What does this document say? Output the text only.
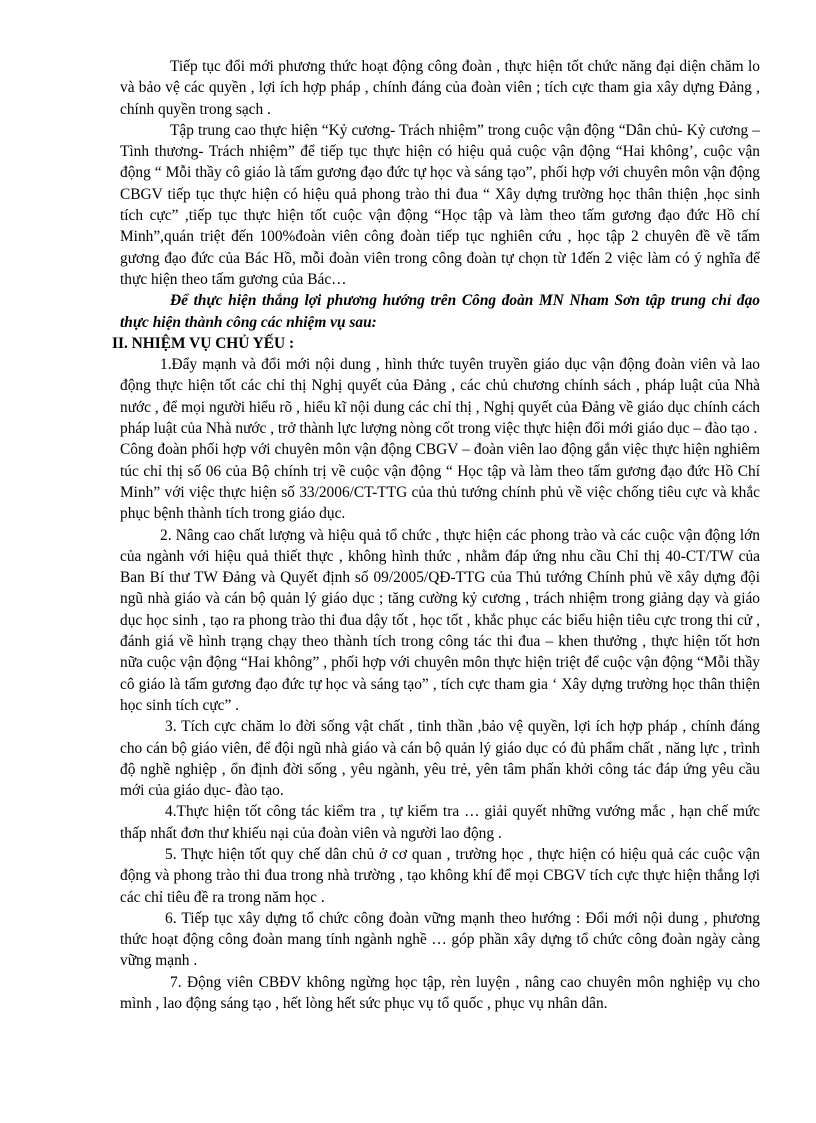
Tiếp tục đổi mới phương thức hoạt động công đoàn , thực hiện tốt chức năng đại diện chăm lo và bảo vệ các quyền , lợi ích hợp pháp , chính đáng của đoàn viên ; tích cực tham gia xây dựng Đảng , chính quyền trong sạch .

Tập trung cao thực hiện “Kỷ cương- Trách nhiệm” trong cuộc vận động “Dân chủ- Kỷ cương –Tình thương- Trách nhiệm” để tiếp tục thực hiện có hiệu quả cuộc vận động “Hai không’, cuộc vận động “ Mỗi thầy cô giáo là tấm gương đạo đức tự học và sáng tạo”, phối hợp với chuyên môn vận động CBGV tiếp tục thực hiện có hiệu quả phong trào thi đua “ Xây dựng trường học thân thiện ,học sinh tích cực” ,tiếp tục thực hiện tốt cuộc vận động “Học tập và làm theo tấm gương đạo đức Hồ chí Minh”,quán triệt đến 100%đoàn viên công đoàn tiếp tục nghiên cứu , học tập 2 chuyên đề về tấm gương đạo đức của Bác Hồ, mỗi đoàn viên trong công đoàn tự chọn từ 1đến 2 việc làm có ý nghĩa để thực hiện theo tấm gương của Bác…

Để thực hiện thắng lợi phương hướng trên Công đoàn MN Nham Sơn tập trung chỉ đạo thực hiện thành công các nhiệm vụ sau:

II. NHIỆM VỤ CHỦ YẾU :

1.Đẩy mạnh và đổi mới nội dung , hình thức tuyên truyền giáo dục vận động đoàn viên và lao động thực hiện tốt các chỉ thị Nghị quyết của Đảng , các chủ chương chính sách , pháp luật của Nhà nước , để mọi người hiểu rõ , hiểu kĩ nội dung các chỉ thị , Nghị quyết của Đảng về giáo dục chính cách pháp luật của Nhà nước , trở thành lực lượng nòng cốt trong việc thực hiện đổi mới giáo dục – đào tạo .

Công đoàn phối hợp với chuyên môn vận động CBGV – đoàn viên lao động gắn việc thực hiện nghiêm túc chỉ thị số 06 của Bộ chính trị về cuộc vận động “ Học tập và làm theo tấm gương đạo đức Hồ Chí Minh” với việc thực hiện số 33/2006/CT-TTG của thủ tướng chính phủ về việc chống tiêu cực và khắc phục bệnh thành tích trong giáo dục.

2. Nâng cao chất lượng và hiệu quả tổ chức , thực hiện các phong trào và các cuộc vận động lớn của ngành với hiệu quả thiết thực , không hình thức , nhằm đáp ứng nhu cầu Chỉ thị 40-CT/TW của Ban Bí thư TW Đảng và Quyết định số 09/2005/QĐ-TTG của Thủ tướng Chính phủ về xây dựng đội ngũ nhà giáo và cán bộ quản lý giáo dục ; tăng cường kỷ cương , trách nhiệm trong giảng dạy và giáo dục học sinh , tạo ra phong trào thi đua dậy tốt , học tốt , khắc phục các biểu hiện tiêu cực trong thi cử , đánh giá về hình trạng chạy theo thành tích trong công tác thi đua – khen thưởng , thực hiện tốt hơn nữa cuộc vận động “Hai không” , phối hợp với chuyên môn thực hiện triệt để cuộc vận động “Mỗi thầy cô giáo là tấm gương đạo đức tự học và sáng tạo” , tích cực tham gia ‘ Xây dựng trường học thân thiện học sinh tích cực” .

3. Tích cực chăm lo đời sống vật chất , tinh thần ,bảo vệ quyền, lợi ích hợp pháp , chính đáng cho cán bộ giáo viên, để đội ngũ nhà giáo và cán bộ quản lý giáo dục có đủ phẩm chất , năng lực , trình độ nghề nghiệp , ổn định đời sống , yêu ngành, yêu trẻ, yên tâm phấn khởi công tác đáp ứng yêu cầu mới của giáo dục- đào tạo.

4.Thực hiện tốt công tác kiểm tra , tự kiểm tra … giải quyết những vướng mắc , hạn chế mức thấp nhất đơn thư khiếu nại của đoàn viên và người lao động .

5. Thực hiện tốt quy chế dân chủ ở cơ quan , trường học , thực hiện có hiệu quả các cuộc vận động và phong trào thi đua trong nhà trường , tạo không khí để mọi CBGV tích cực thực hiện thắng lợi các chỉ tiêu đề ra trong năm học .

6. Tiếp tục xây dựng tổ chức công đoàn vững mạnh theo hướng : Đổi mới nội dung , phương thức hoạt động công đoàn mang tính ngành nghề … góp phần xây dựng tổ chức công đoàn ngày càng vững mạnh .

7. Động viên CBĐV không ngừng học tập, rèn luyện , nâng cao chuyên môn nghiệp vụ cho mình , lao động sáng tạo , hết lòng hết sức phục vụ tổ quốc , phục vụ nhân dân.
